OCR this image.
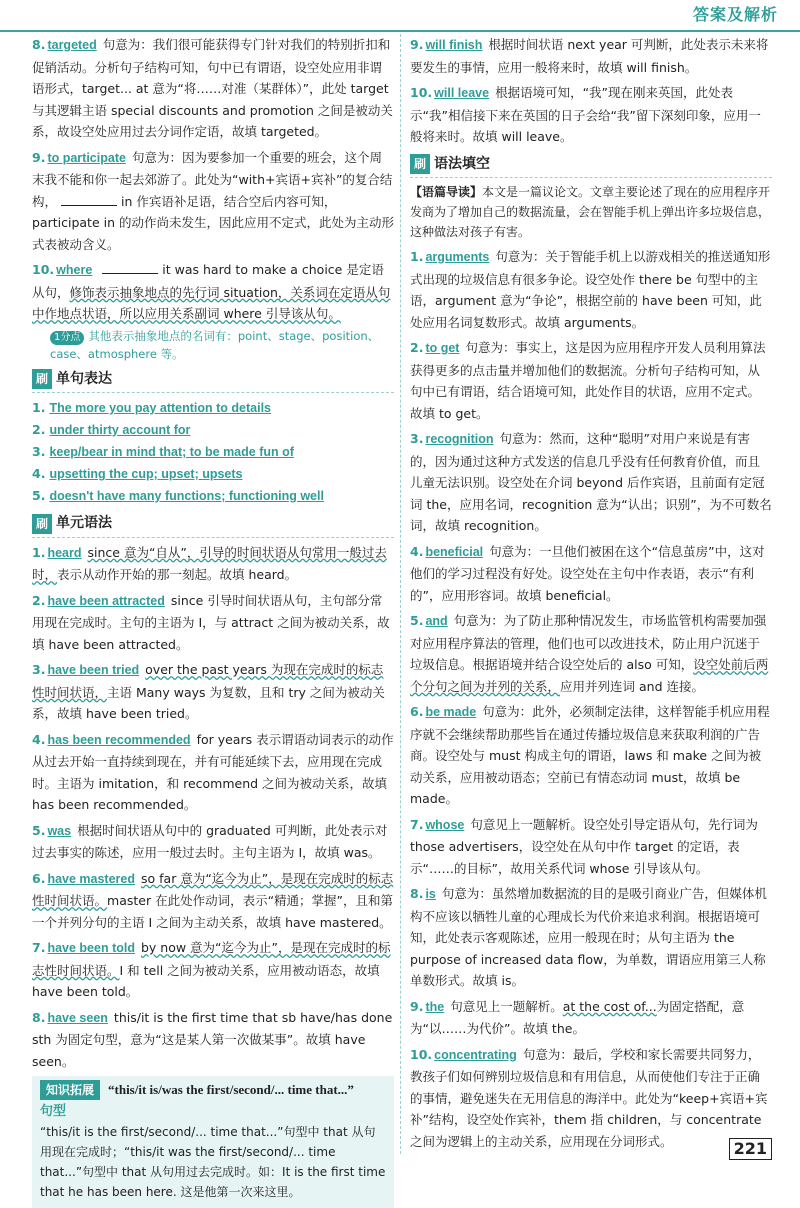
答案及解析

8. targeted 句意为：我们很可能获得专门针对我们的特别折扣和促销活动。分析句子结构可知，句中已有谓语，设空处应用非谓语形式，target... at 意为“将……对准（某群体）”，此处 target 与其逻辑主语 special discounts and promotion 之间是被动关系，故设空处应用过去分词作定语，故填 targeted。

9. to participate 句意为：因为要参加一个重要的班会，这个周末我不能和你一起去郊游了。此处为“with+宾语+宾补”的复合结构，	in 作宾语补足语，结合空后内容可知，participate in 的动作尚未发生，因此应用不定式，此处为主动形式表被动含义。

10. where	it was hard to make a choice 是定语从句，修饰表示抽象地点的先行词 situation，关系词在定语从句中作地点状语，所以应用关系副词 where 引导该从句。

1分点 其他表示抽象地点的名词有：point、stage、position、case、atmosphere 等。
刷 单句表达

1. The more you pay attention to details

2. under thirty account for

3. keep/bear in mind that; to be made fun of

4. upsetting the cup; upset; upsets

5. doesn't have many functions; functioning well

刷 单元语法

1. heard since 意为“自从”，引导的时间状语从句常用一般过去时，表示从动作开始的那一刻起。故填 heard。

2. have been attracted since 引导时间状语从句，主句部分常用现在完成时。主句的主语为 I，与 attract 之间为被动关系，故填 have been attracted。

3. have been tried over the past years 为现在完成时的标志性时间状语，主语 Many ways 为复数，且和 try 之间为被动关系，故填 have been tried。

4. has been recommended for years 表示谓语动词表示的动作从过去开始一直持续到现在，并有可能延续下去，应用现在完成时。主语为 imitation，和 recommend 之间为被动关系，故填 has been recommended。

5. was 根据时间状语从句中的 graduated 可判断，此处表示对过去事实的陈述，应用一般过去时。主句主语为 I，故填 was。

6. have mastered so far 意为“迄今为止”，是现在完成时的标志性时间状语。master 在此处作动词，表示“精通；掌握”，且和第一个并列分句的主语 I 之间为主动关系，故填 have mastered。

7. have been told by now 意为“迄今为止”，是现在完成时的标志性时间状语。I 和 tell 之间为被动关系，应用被动语态，故填 have been told。

8. have seen this/it is the first time that sb have/has done sth 为固定句型，意为“这是某人第一次做某事”。故填 have seen。

知识拓展	“this/it is/was the first/second/... time that...”
句型
“this/it is the first/second/... time that...”句型中 that 从句用现在完成时；“this/it was the first/second/... time that...”句型中 that 从句用过去完成时。如：It is the first time that he has been here. 这是他第一次来这里。

9. will finish 根据时间状语 next year 可判断，此处表示未来将要发生的事情，应用一般将来时，故填 will finish。

10. will leave 根据语境可知，“我”现在刚来英国，此处表示“我”相信接下来在英国的日子会给“我”留下深刻印象，应用一般将来时。故填 will leave。

刷 语法填空
【语篇导读】本文是一篇议论文。文章主要论述了现在的应用程序开发商为了增加自己的数据流量，会在智能手机上弹出许多垃圾信息，这种做法对孩子有害。

1. arguments 句意为：关于智能手机上以游戏相关的推送通知形式出现的垃圾信息有很多争论。设空处作 there be 句型中的主语，argument 意为“争论”，根据空前的 have been 可知，此处应用名词复数形式。故填 arguments。

2. to get 句意为：事实上，这是因为应用程序开发人员利用算法获得更多的点击量并增加他们的数据流。分析句子结构可知，从句中已有谓语，结合语境可知，此处作目的状语，应用不定式。故填 to get。

3. recognition 句意为：然而，这种“聪明”对用户来说是有害的，因为通过这种方式发送的信息几乎没有任何教育价值，而且儿童无法识别。设空处在介词 beyond 后作宾语，且前面有定冠词 the，应用名词，recognition 意为“认出；识别”，为不可数名词，故填 recognition。

4. beneficial 句意为：一旦他们被困在这个“信息茧房”中，这对他们的学习过程没有好处。设空处在主句中作表语，表示“有利的”，应用形容词。故填 beneficial。

5. and 句意为：为了防止那种情况发生，市场监管机构需要加强对应用程序算法的管理，他们也可以改进技术，防止用户沉迷于垃圾信息。根据语境并结合设空处后的 also 可知，设空处前后两个分句之间为并列的关系，应用并列连词 and 连接。

6. be made 句意为：此外，必须制定法律，这样智能手机应用程序就不会继续帮助那些旨在通过传播垃圾信息来获取利润的广告商。设空处与 must 构成主句的谓语，laws 和 make 之间为被动关系，应用被动语态；空前已有情态动词 must，故填 be made。

7. whose 句意见上一题解析。设空处引导定语从句，先行词为 those advertisers，设空处在从句中作 target 的定语，表示“……的目标”，故用关系代词 whose 引导该从句。

8. is 句意为：虽然增加数据流的目的是吸引商业广告，但媒体机构不应该以牺牲儿童的心理成长为代价来追求利润。根据语境可知，此处表示客观陈述，应用一般现在时；从句主语为 the purpose of increased data flow，为单数，谓语应用第三人称单数形式。故填 is。

9. the 句意见上一题解析。at the cost of...为固定搭配，意为“以……为代价”。故填 the。

10. concentrating 句意为：最后，学校和家长需要共同努力，教孩子们如何辨别垃圾信息和有用信息，从而使他们专注于正确的事情，避免迷失在无用信息的海洋中。此处为“keep+宾语+宾补”结构，设空处作宾补，them 指 children，与 concentrate 之间为逻辑上的主动关系，应用现在分词形式。	221
